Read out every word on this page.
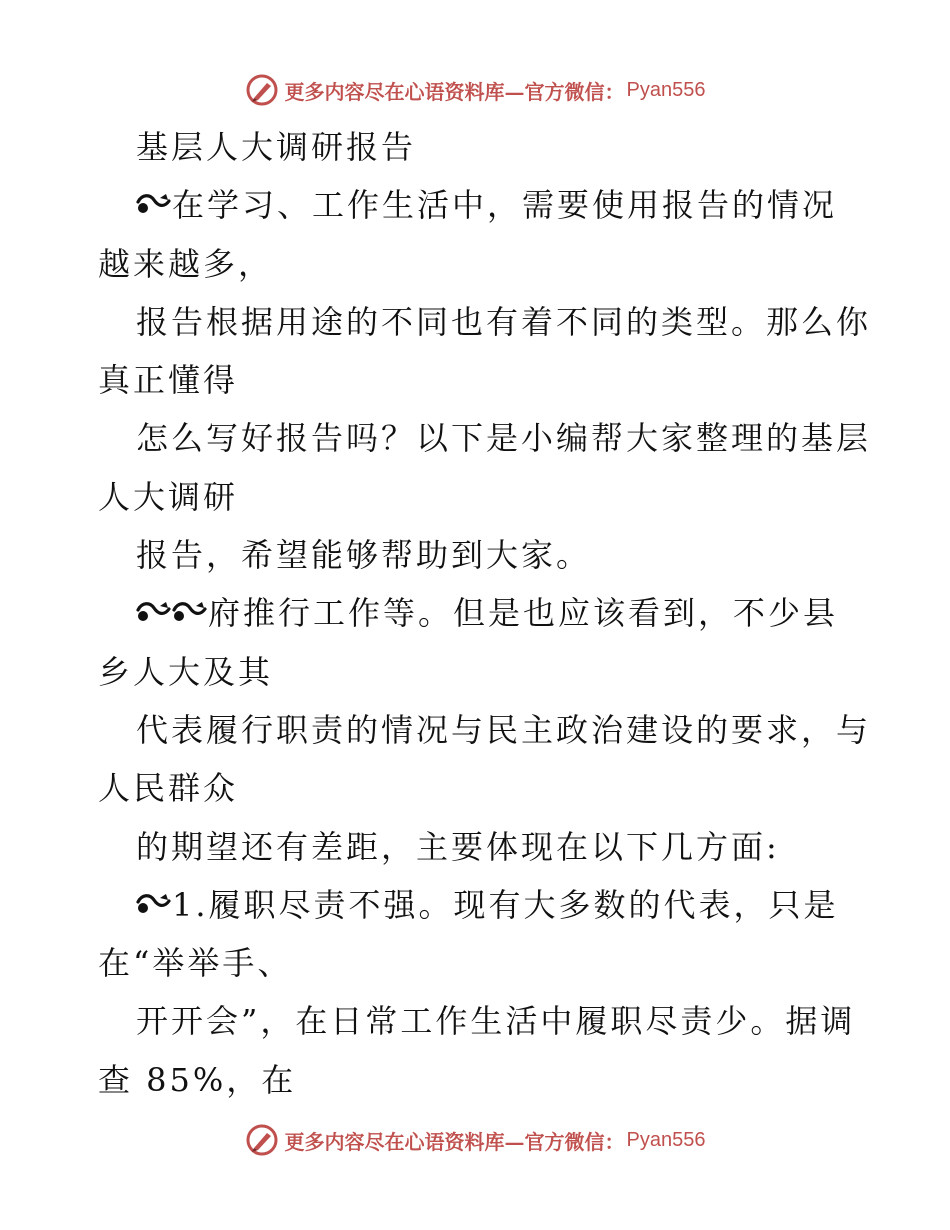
更多内容尽在心语资料库—官方微信： Pyan556
基层人大调研报告
在学习、工作生活中，需要使用报告的情况
越来越多，
报告根据用途的不同也有着不同的类型。那么你
真正懂得
怎么写好报告吗？以下是小编帮大家整理的基层
人大调研
报告，希望能够帮助到大家。
府推行工作等。但是也应该看到，不少县
乡人大及其
代表履行职责的情况与民主政治建设的要求，与
人民群众
的期望还有差距，主要体现在以下几方面:
1.履职尽责不强。现有大多数的代表，只是
在“举举手、
开开会”，在日常工作生活中履职尽责少。据调
查 85%，在
更多内容尽在心语资料库—官方微信： Pyan556
